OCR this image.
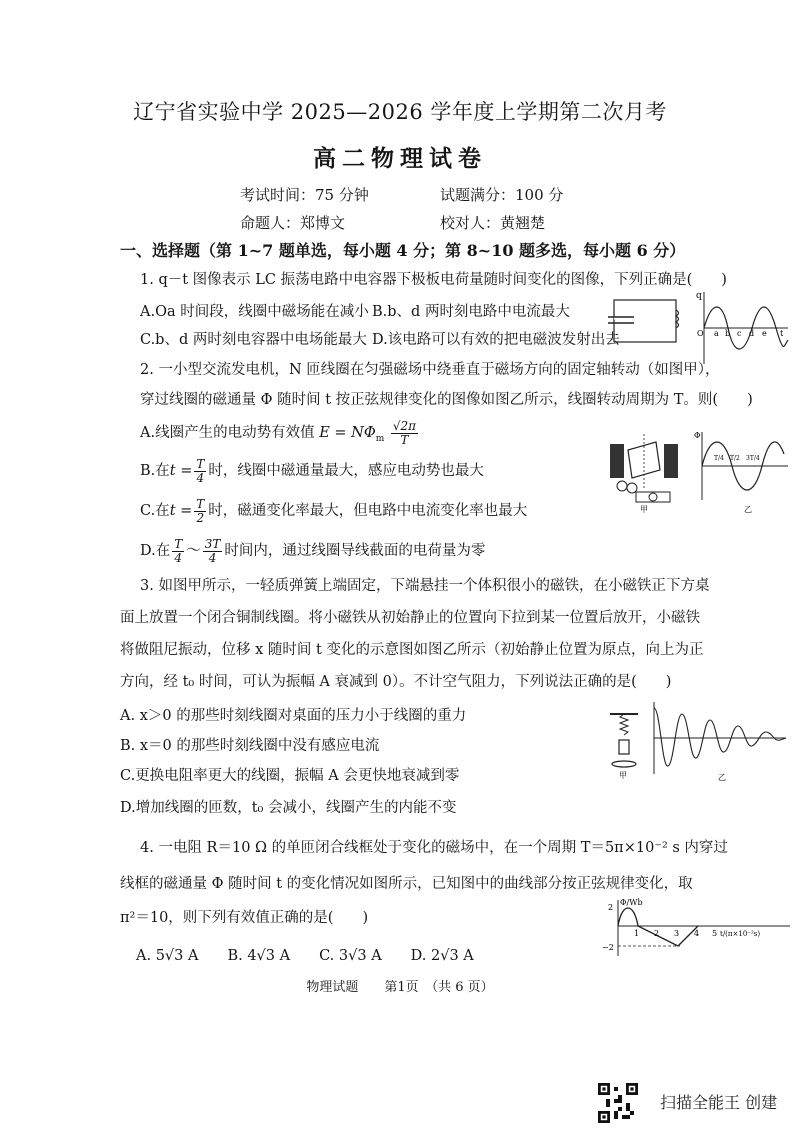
辽宁省实验中学 2025—2026 学年度上学期第二次月考
高二物理试卷
考试时间：75 分钟	试题满分：100 分
命题人：郑博文	校对人：黄翘楚
一、选择题（第 1~7 题单选，每小题 4 分；第 8~10 题多选，每小题 6 分）
1. q－t 图像表示 LC 振荡电路中电容器下极板电荷量随时间变化的图像，下列正确是(　　)
A.Oa 时间段，线圈中磁场能在减小 B.b、d 两时刻电路中电流最大
C.b、d 两时刻电容器中电场能最大 D.该电路可以有效的把电磁波发射出去
q
O a b c d e t
2. 一小型交流发电机，N 匝线圈在匀强磁场中绕垂直于磁场方向的固定轴转动（如图甲），
穿过线圈的磁通量 Φ 随时间 t 按正弦规律变化的图像如图乙所示，线圈转动周期为 T。则(　　)
A.线圈产生的电动势有效值 $E = N\Phi_m \frac{√2\pi}{T}$
B.在$t = \frac{T}{4}$ 时，线圈中磁通量最大，感应电动势也最大
C.在$t = \frac{T}{2}$ 时，磁通变化率最大，但电路中电流变化率也最大
D.在 $\frac{T}{4}$ ～ $\frac{3T}{4}$ 时间内，通过线圈导线截面的电荷量为零
甲
Φ
T/4 T/2 3T/4
乙
3. 如图甲所示，一轻质弹簧上端固定，下端悬挂一个体积很小的磁铁，在小磁铁正下方桌
面上放置一个闭合铜制线圈。将小磁铁从初始静止的位置向下拉到某一位置后放开，小磁铁
将做阻尼振动，位移 x 随时间 t 变化的示意图如图乙所示（初始静止位置为原点，向上为正
方向，经 t₀ 时间，可认为振幅 A 衰减到 0）。不计空气阻力，下列说法正确的是(　　)
A. x＞0 的那些时刻线圈对桌面的压力小于线圈的重力
B. x＝0 的那些时刻线圈中没有感应电流
C.更换电阻率更大的线圈，振幅 A 会更快地衰减到零
D.增加线圈的匝数，t₀ 会减小，线圈产生的内能不变
甲	乙
4. 一电阻 R＝10 Ω 的单匝闭合线框处于变化的磁场中，在一个周期 T＝5π×10⁻² s 内穿过
线框的磁通量 Φ 随时间 t 的变化情况如图所示，已知图中的曲线部分按正弦规律变化，取
π²＝10，则下列有效值正确的是(　　)
A. 5√3 A　　B. 4√3 A　　C. 3√3 A　　D. 2√3 A
Φ/Wb
2
−2
1 2 3 4 5 t/(π×10⁻²s)
物理试题　　第1页　（共 6 页）
扫描全能王 创建
